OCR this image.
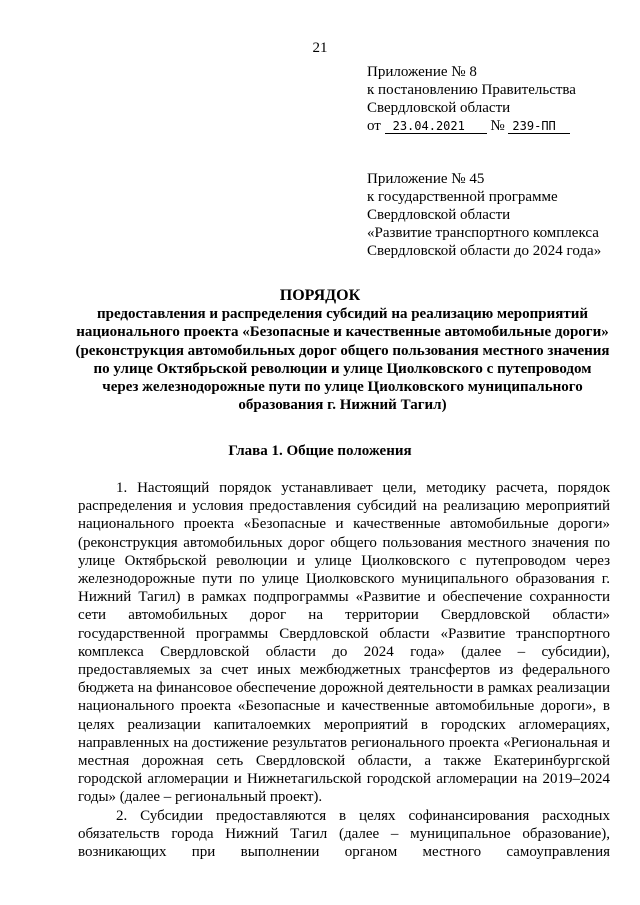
21
Приложение № 8
к постановлению Правительства
Свердловской области
от 23.04.2021 № 239-ПП
Приложение № 45
к государственной программе
Свердловской области
«Развитие транспортного комплекса
Свердловской области до 2024 года»
ПОРЯДОК
предоставления и распределения субсидий на реализацию мероприятий национального проекта «Безопасные и качественные автомобильные дороги» (реконструкция автомобильных дорог общего пользования местного значения по улице Октябрьской революции и улице Циолковского с путепроводом через железнодорожные пути по улице Циолковского муниципального образования г. Нижний Тагил)
Глава 1. Общие положения

1. Настоящий порядок устанавливает цели, методику расчета, порядок распределения и условия предоставления субсидий на реализацию мероприятий национального проекта «Безопасные и качественные автомобильные дороги» (реконструкция автомобильных дорог общего пользования местного значения по улице Октябрьской революции и улице Циолковского с путепроводом через железнодорожные пути по улице Циолковского муниципального образования г. Нижний Тагил) в рамках подпрограммы «Развитие и обеспечение сохранности сети автомобильных дорог на территории Свердловской области» государственной программы Свердловской области «Развитие транспортного комплекса Свердловской области до 2024 года» (далее – субсидии), предоставляемых за счет иных межбюджетных трансфертов из федерального бюджета на финансовое обеспечение дорожной деятельности в рамках реализации национального проекта «Безопасные и качественные автомобильные дороги», в целях реализации капиталоемких мероприятий в городских агломерациях, направленных на достижение результатов регионального проекта «Региональная и местная дорожная сеть Свердловской области, а также Екатеринбургской городской агломерации и Нижнетагильской городской агломерации на 2019–2024 годы» (далее – региональный проект).

2. Субсидии предоставляются в целях софинансирования расходных обязательств города Нижний Тагил (далее – муниципальное образование), возникающих при выполнении органом местного самоуправления
